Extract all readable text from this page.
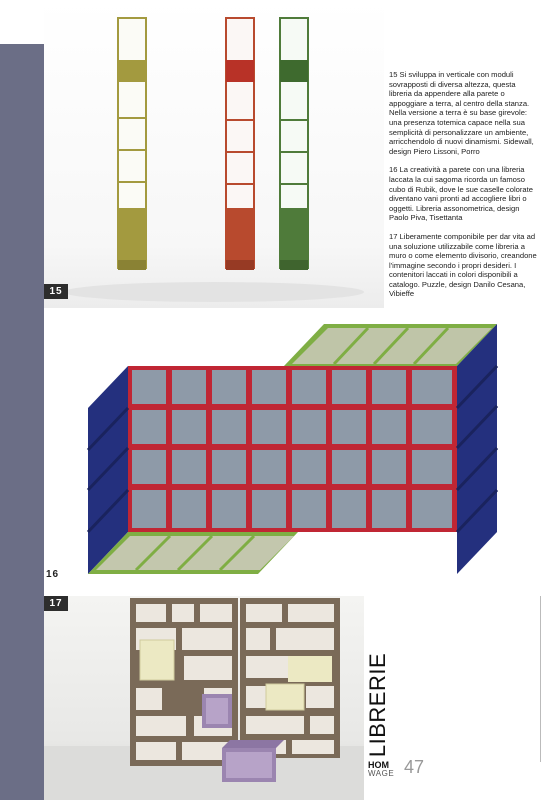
15

15 Si sviluppa in verticale con moduli sovrapposti di diversa altezza, questa libreria da appendere alla parete o appoggiare a terra, al centro della stanza. Nella versione a terra è su base girevole: una presenza totemica capace nella sua semplicità di personalizzare un ambiente, arricchendolo di nuovi dinamismi. Sidewall, design Piero Lissoni, Porro

16 La creatività a parete con una libreria laccata la cui sagoma ricorda un famoso cubo di Rubik, dove le sue caselle colorate diventano vani pronti ad accogliere libri o oggetti. Libreria assonometrica, design Paolo Piva, Tisettanta

17 Liberamente componibile per dar vita ad una soluzione utilizzabile come libreria a muro o come elemento divisorio, creandone l'immagine secondo i propri desideri. I contenitori laccati in colori disponibili a catalogo. Puzzle, design Danilo Cesana, Vibieffe

16
17
LIBRERIE
HOM
WAGE 47
